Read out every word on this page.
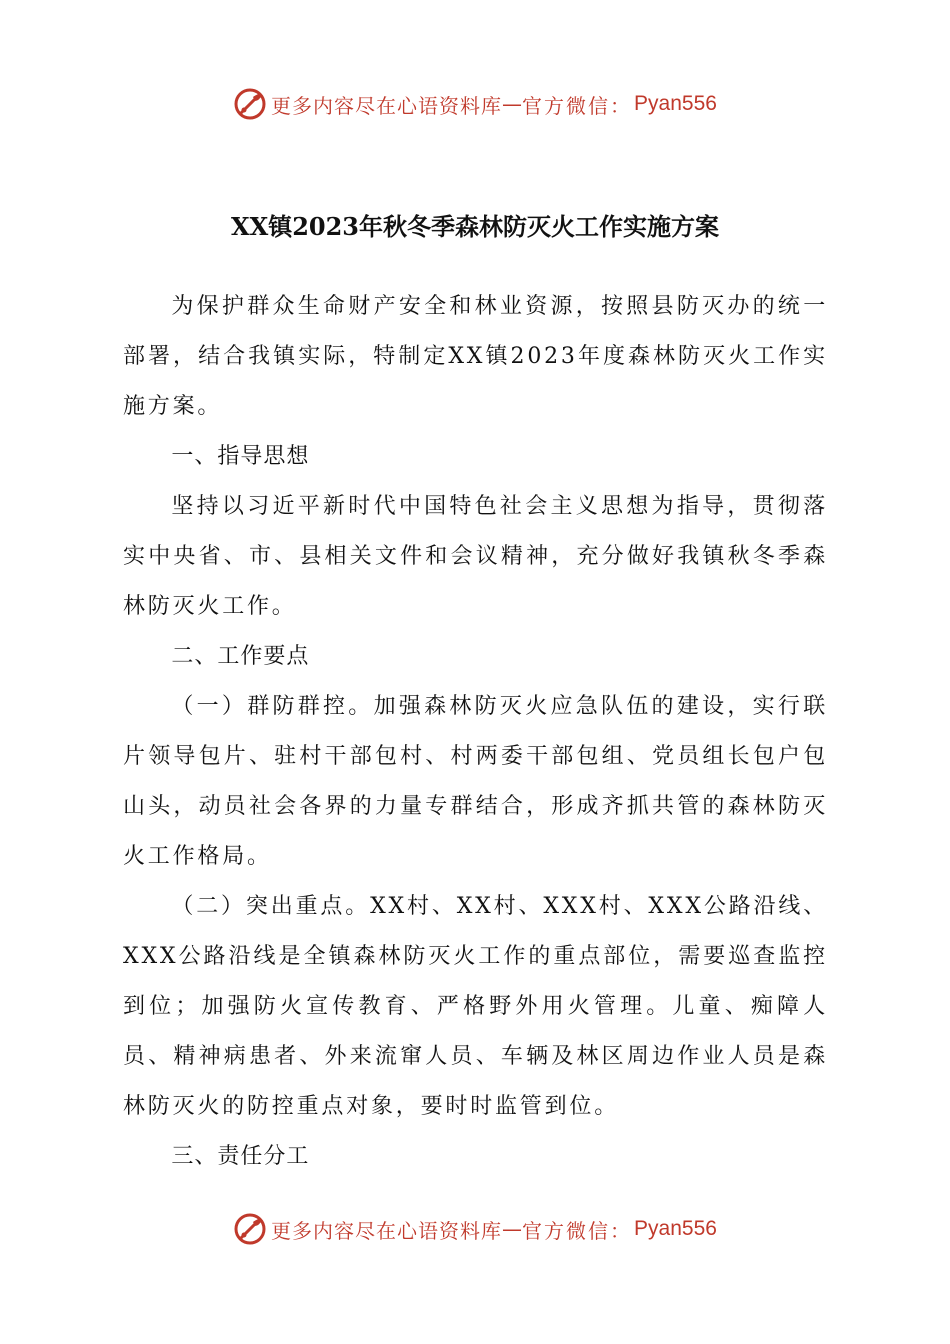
更多内容尽在心语资料库 — 官方微信： Pyan556
XX镇2023年秋冬季森林防灭火工作实施方案

为保护群众生命财产安全和林业资源，按照县防灭办的统一部署，结合我镇实际，特制定XX镇2023年度森林防灭火工作实施方案。

一、指导思想

坚持以习近平新时代中国特色社会主义思想为指导，贯彻落实中央省、市、县相关文件和会议精神，充分做好我镇秋冬季森林防灭火工作。

二、工作要点

（一）群防群控。加强森林防灭火应急队伍的建设，实行联片领导包片、驻村干部包村、村两委干部包组、党员组长包户包山头，动员社会各界的力量专群结合，形成齐抓共管的森林防灭火工作格局。

（二）突出重点。XX村、XX村、XXX村、XXX公路沿线、XXX公路沿线是全镇森林防灭火工作的重点部位，需要巡查监控到位；加强防火宣传教育、严格野外用火管理。儿童、痴障人员、精神病患者、外来流窜人员、车辆及林区周边作业人员是森林防灭火的防控重点对象，要时时监管到位。

三、责任分工

更多内容尽在心语资料库 — 官方微信： Pyan556
